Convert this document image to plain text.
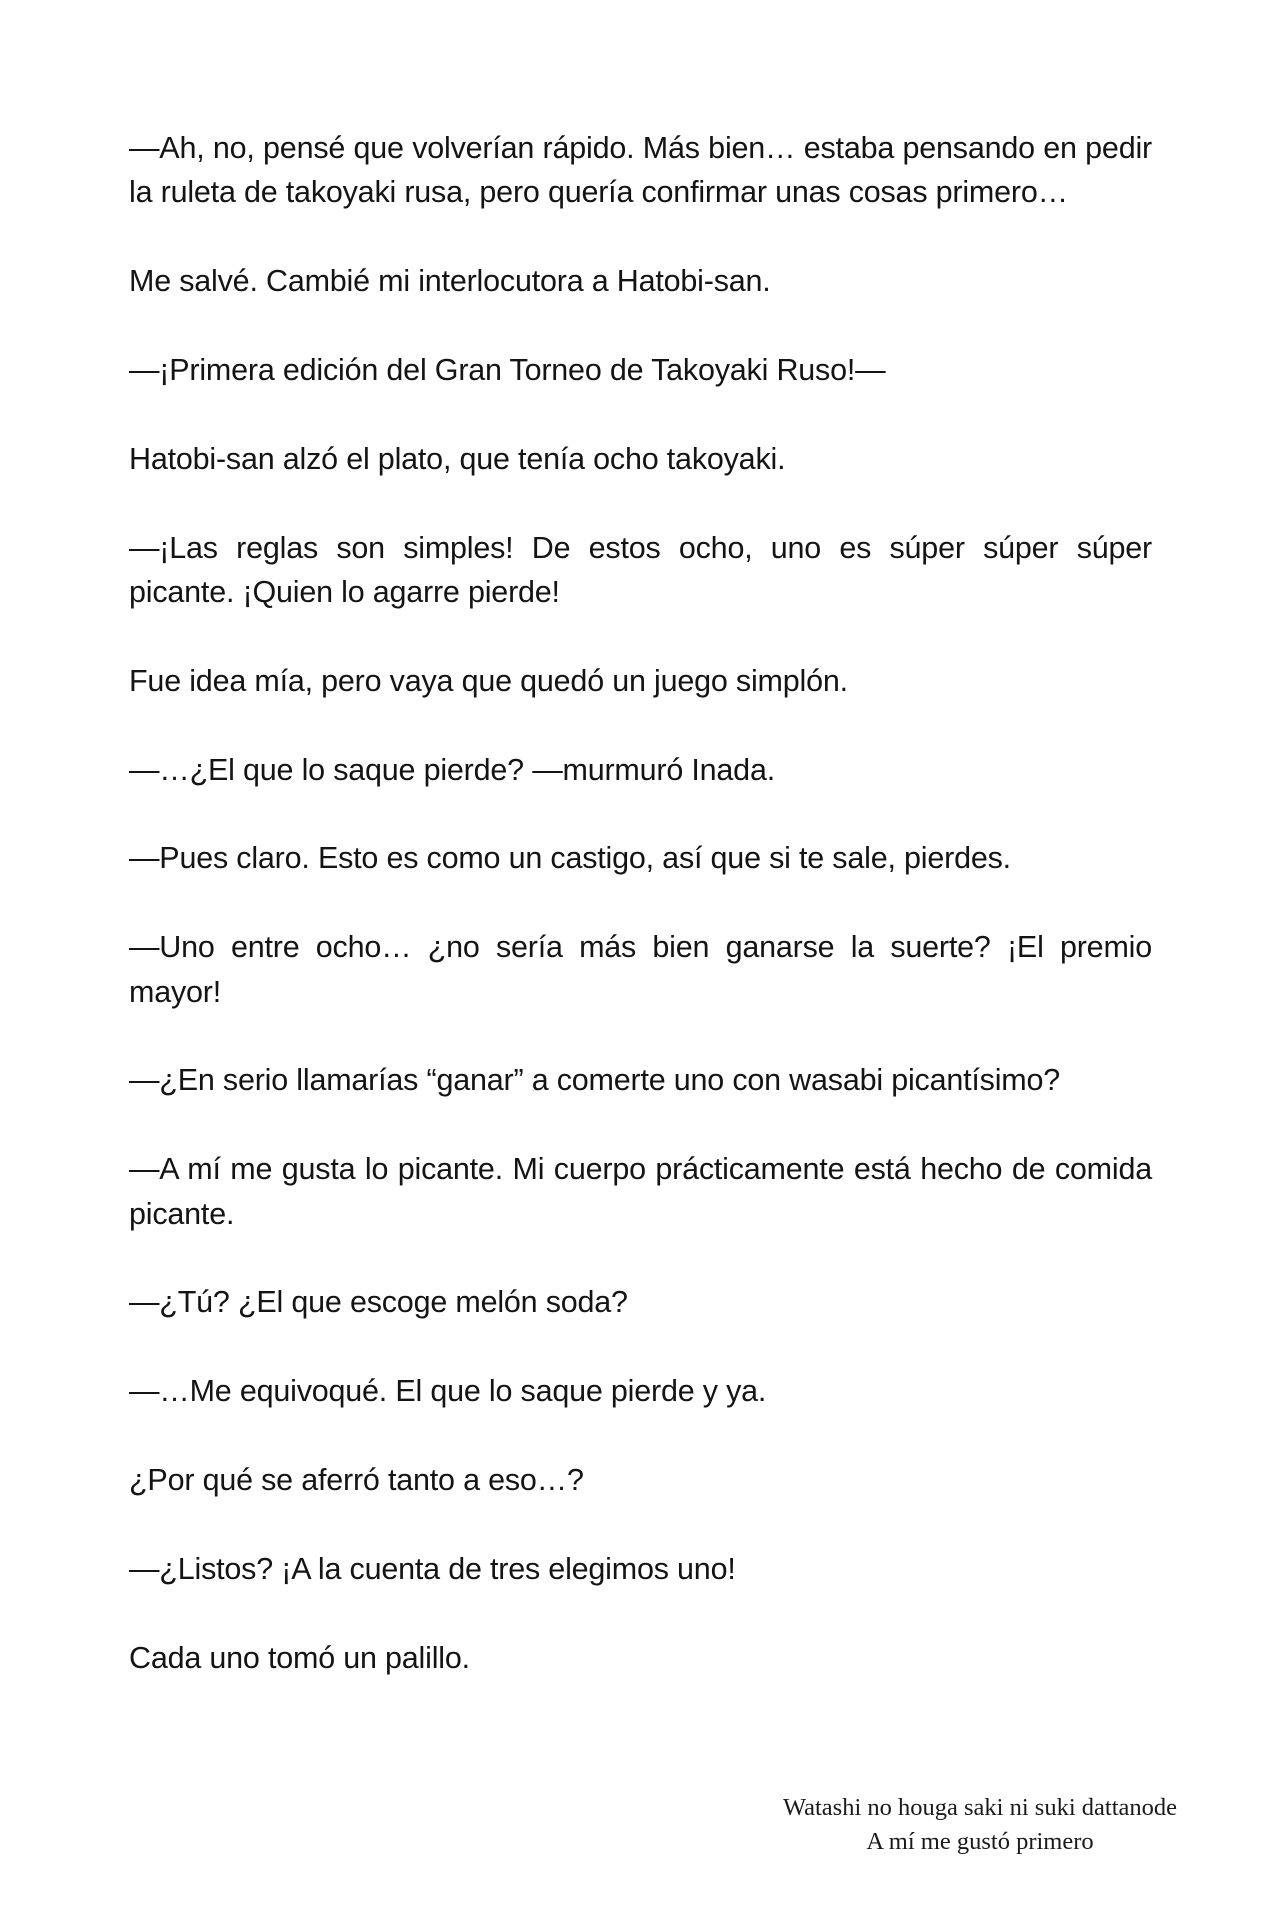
—Ah, no, pensé que volverían rápido. Más bien… estaba pensando en pedir la ruleta de takoyaki rusa, pero quería confirmar unas cosas primero…

Me salvé. Cambié mi interlocutora a Hatobi-san.

—¡Primera edición del Gran Torneo de Takoyaki Ruso!—

Hatobi-san alzó el plato, que tenía ocho takoyaki.

—¡Las reglas son simples! De estos ocho, uno es súper súper súper picante. ¡Quien lo agarre pierde!

Fue idea mía, pero vaya que quedó un juego simplón.

—…¿El que lo saque pierde? —murmuró Inada.

—Pues claro. Esto es como un castigo, así que si te sale, pierdes.

—Uno entre ocho… ¿no sería más bien ganarse la suerte? ¡El premio mayor!

—¿En serio llamarías “ganar” a comerte uno con wasabi picantísimo?

—A mí me gusta lo picante. Mi cuerpo prácticamente está hecho de comida picante.

—¿Tú? ¿El que escoge melón soda?

—…Me equivoqué. El que lo saque pierde y ya.

¿Por qué se aferró tanto a eso…?

—¿Listos? ¡A la cuenta de tres elegimos uno!

Cada uno tomó un palillo.

Watashi no houga saki ni suki dattanode
A mí me gustó primero
